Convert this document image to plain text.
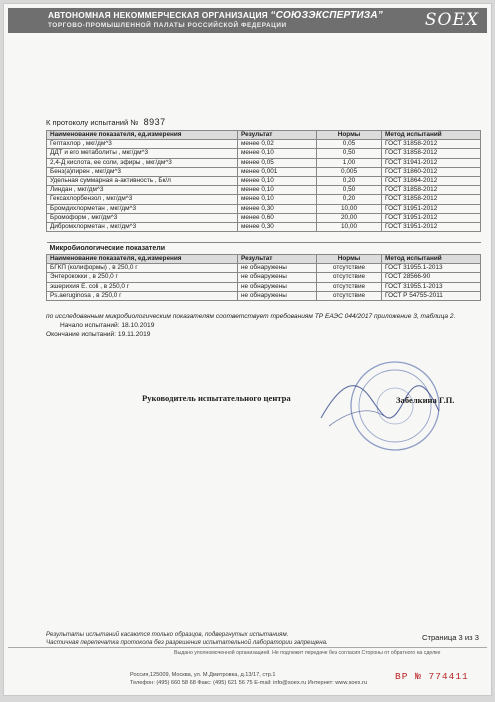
АВТОНОМНАЯ НЕКОММЕРЧЕСКАЯ ОРГАНИЗАЦИЯ “СОЮЗЭКСПЕРТИЗА”
ТОРГОВО-ПРОМЫШЛЕННОЙ ПАЛАТЫ РОССИЙСКОЙ ФЕДЕРАЦИИ	SOEX
К протоколу испытаний № 8937
Наименование показателя, ед.измерения	Результат	Нормы	Метод испытаний
Гептахлор , мкг/дм^3	менее 0,02	0,05	ГОСТ 31858-2012
ДДТ и его метаболиты , мкг/дм^3	менее 0,10	0,50	ГОСТ 31858-2012
2,4-Д кислота, ее соли, эфиры , мкг/дм^3	менее 0,05	1,00	ГОСТ 31941-2012
Бенз(а)пирен , мкг/дм^3	менее 0,001	0,005	ГОСТ 31860-2012
Удельная суммарная a-активность , Бк/л	менее 0,10	0,20	ГОСТ 31864-2012
Линдан , мкг/дм^3	менее 0,10	0,50	ГОСТ 31858-2012
Гексахлорбензол , мкг/дм^3	менее 0,10	0,20	ГОСТ 31858-2012
Бромдихлорметан , мкг/дм^3	менее 0,30	10,00	ГОСТ 31951-2012
Бромоформ , мкг/дм^3	менее 0,60	20,00	ГОСТ 31951-2012
Дибромхлорметан , мкг/дм^3	менее 0,30	10,00	ГОСТ 31951-2012
Микробиологические показатели			
Наименование показателя, ед.измерения	Результат	Нормы	Метод испытаний
БГКП (колиформы) , в 250,0 г	не обнаружены	отсутствие	ГОСТ 31955.1-2013
Энтерококки , в 250,0 г	не обнаружены	отсутствие	ГОСТ 28566-90
эшерихия E. coli , в 250,0 г	не обнаружены	отсутствие	ГОСТ 31955.1-2013
Ps.aeruginosa , в 250,0 г	не обнаружены	отсутствие	ГОСТ Р 54755-2011
по исследованным микробиологическим показателям соответствует требованиям ТР ЕАЭС 044/2017 приложение 3, таблица 2.
Начало испытаний: 18.10.2019
Окончание испытаний: 19.11.2019
Руководитель испытательного центра	Забелкина Г.П.
Результаты испытаний касаются только образцов, подвергнутых испытаниям.
Частичная перепечатка протокола без разрешения испытательной лаборатории запрещена.
Страница 3 из 3
Выдано уполномоченной организацией. Не подлежит передаче без согласия Стороны от обратного на сделке
Россия,125009, Москва, ул. М.Дмитровка, д.13/17, стр.1
Телефон: (495) 660 58 68 Факс: (495) 621 56 75 E-mail: info@soex.ru Интернет: www.soex.ru
ВР № 774411
